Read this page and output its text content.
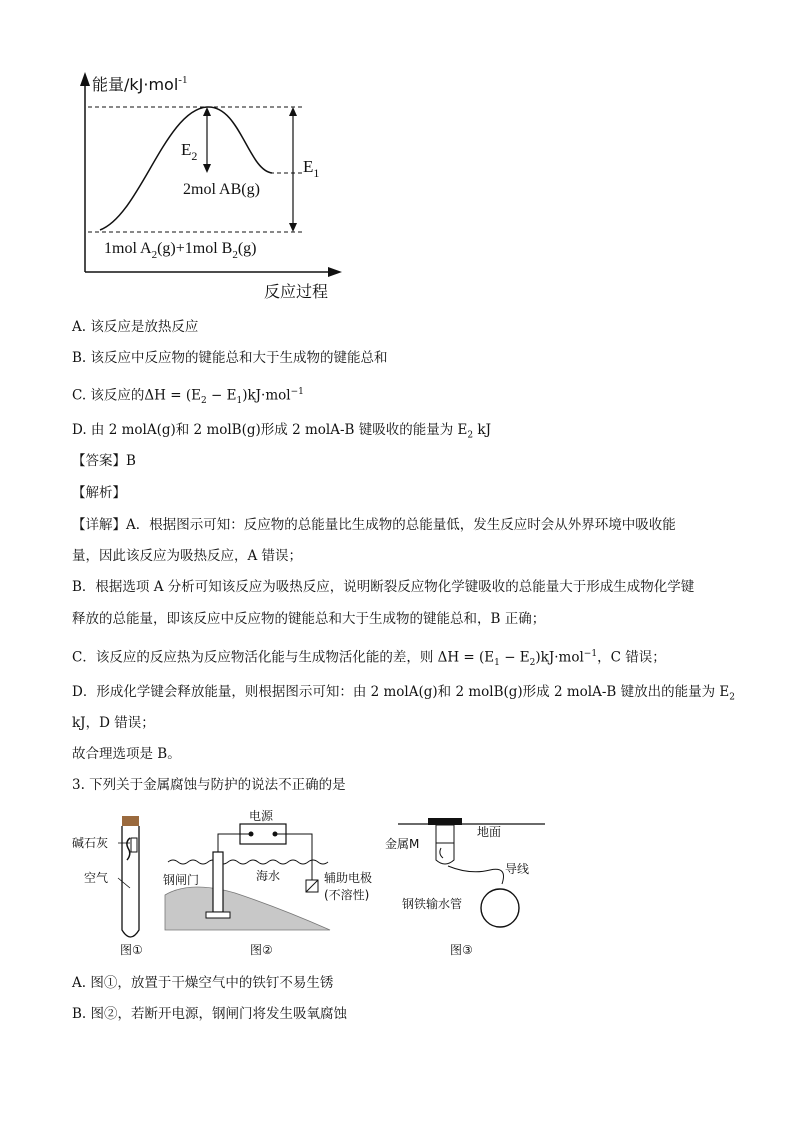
能量/kJ·mol$^{-1}$
$E_2$
$E_1$
2mol AB(g)
1mol $A_2(g)+1mol$ $B_2(g)$
反应过程
A. 该反应是放热反应
B. 该反应中反应物的键能总和大于生成物的键能总和
C. 该反应的$\Delta H = (E_2 - E_1)kJ\cdot mol^{-1}$
D. 由 2 molA(g)和 2 molB(g)形成 2 molA-B 键吸收的能量为 $E_2$ kJ
【答案】B
【解析】
【详解】A．根据图示可知：反应物的总能量比生成物的总能量低，发生反应时会从外界环境中吸收能
量，因此该反应为吸热反应，A 错误；
B．根据选项 A 分析可知该反应为吸热反应，说明断裂反应物化学键吸收的总能量大于形成生成物化学键
释放的总能量，即该反应中反应物的键能总和大于生成物的键能总和，B 正确；
C．该反应的反应热为反应物活化能与生成物活化能的差，则 $\Delta H = (E_1 - E_2)kJ\cdot mol^{-1}$，C 错误；
D．形成化学键会释放能量，则根据图示可知：由 2 molA(g)和 2 molB(g)形成 2 molA-B 键放出的能量为 $E_2$
kJ，D 错误；
故合理选项是 B。
3. 下列关于金属腐蚀与防护的说法不正确的是
碱石灰
空气
图①
电源
钢闸门	海水	辅助电极
(不溶性)
图②
地面
金属M
导线
钢铁输水管
图③
A. 图①，放置于干燥空气中的铁钉不易生锈
B. 图②，若断开电源，钢闸门将发生吸氧腐蚀
